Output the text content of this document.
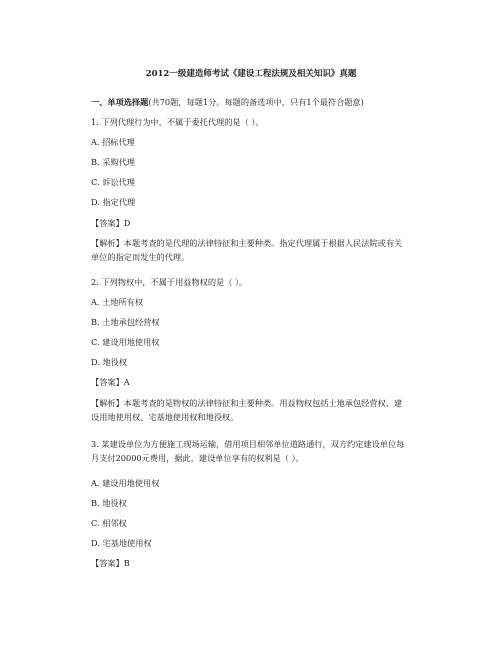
2012一级建造师考试《建设工程法规及相关知识》真题
一、单项选择题(共70题，每题1分。每题的备选项中，只有1个最符合题意)
1. 下列代理行为中，不属于委托代理的是（ ）。
A. 招标代理
B. 采购代理
C. 诉讼代理
D. 指定代理
【答案】D
【解析】本题考查的是代理的法律特征和主要种类。指定代理属于根据人民法院或有关单位的指定而发生的代理。
2. 下列物权中，不属于用益物权的是（ ）。
A. 土地所有权
B. 土地承包经营权
C. 建设用地使用权
D. 地役权
【答案】A
【解析】本题考查的是物权的法律特征和主要种类。用益物权包括土地承包经营权、建设用地使用权、宅基地使用权和地役权。
3. 某建设单位为方便施工现场运输，借用项目相邻单位道路通行，双方约定建设单位每月支付20000元费用，据此，建设单位享有的权利是（ ）。
A. 建设用地使用权
B. 地役权
C. 相邻权
D. 宅基地使用权
【答案】B
